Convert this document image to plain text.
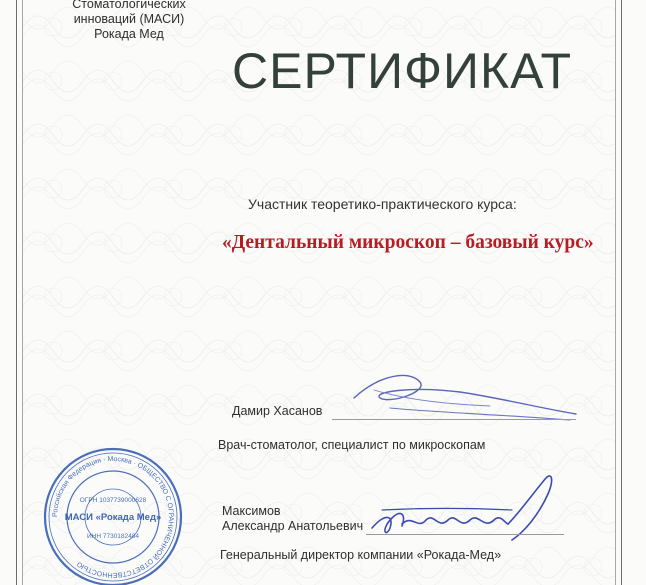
Стоматологических
инноваций (МАСИ)
Рокада Мед
СЕРТИФИКАТ
Участник теоретико-практического курса:
«Дентальный микроскоп – базовый курс»
Дамир Хасанов
Врач-стоматолог, специалист по микроскопам
Максимов
Александр Анатольевич
Генеральный директор компании «Рокада-Мед»
Российская Федерация · Москва · ОБЩЕСТВО С ОГРАНИЧЕННОЙ ОТВЕТСТВЕННОСТЬЮ
ОГРН 1037739000628
МАСИ «Рокада Мед»
ИНН 7730182484
